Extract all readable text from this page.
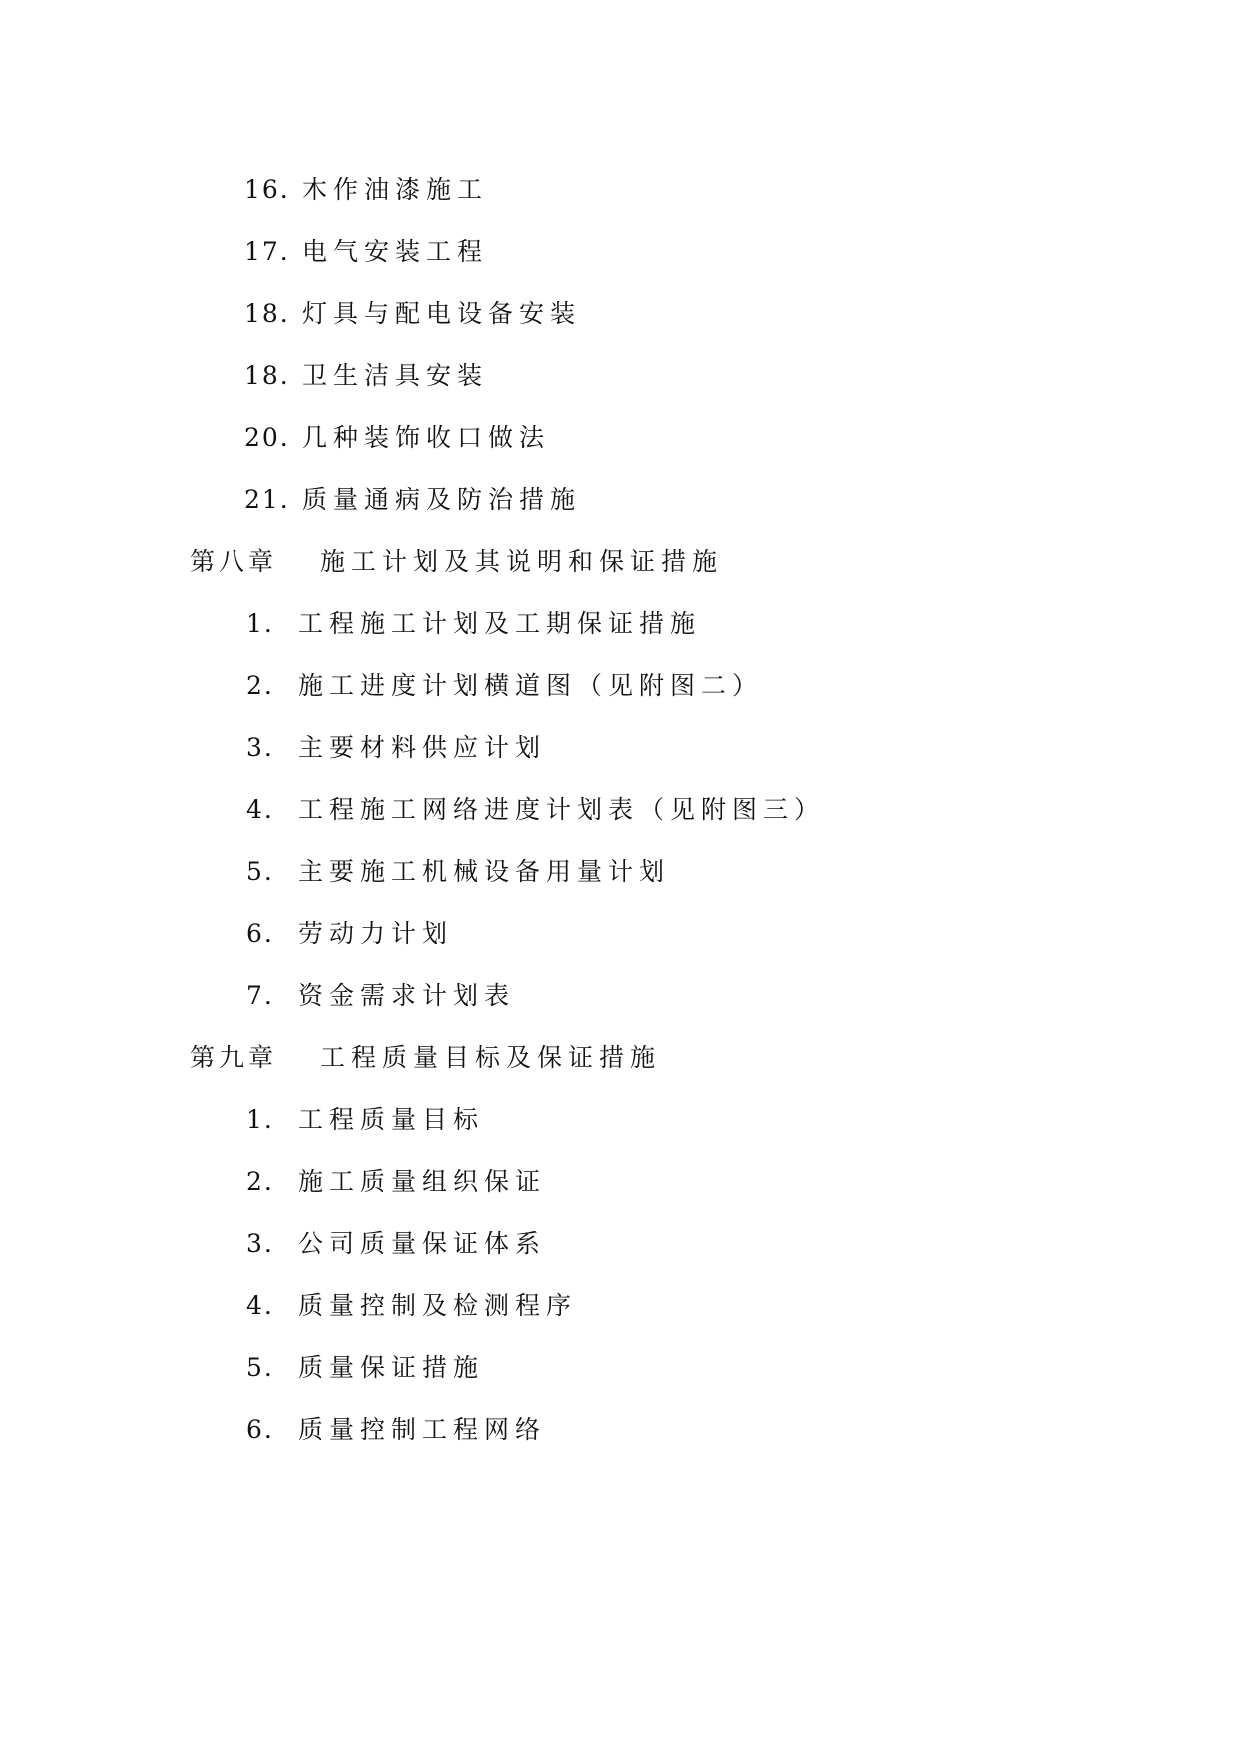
16. 木作油漆施工
17. 电气安装工程
18. 灯具与配电设备安装
18. 卫生洁具安装
20. 几种装饰收口做法
21. 质量通病及防治措施
第八章 施工计划及其说明和保证措施
1. 工程施工计划及工期保证措施
2. 施工进度计划横道图（见附图二）
3. 主要材料供应计划
4. 工程施工网络进度计划表（见附图三）
5. 主要施工机械设备用量计划
6. 劳动力计划
7. 资金需求计划表
第九章 工程质量目标及保证措施
1. 工程质量目标
2. 施工质量组织保证
3. 公司质量保证体系
4. 质量控制及检测程序
5. 质量保证措施
6. 质量控制工程网络
